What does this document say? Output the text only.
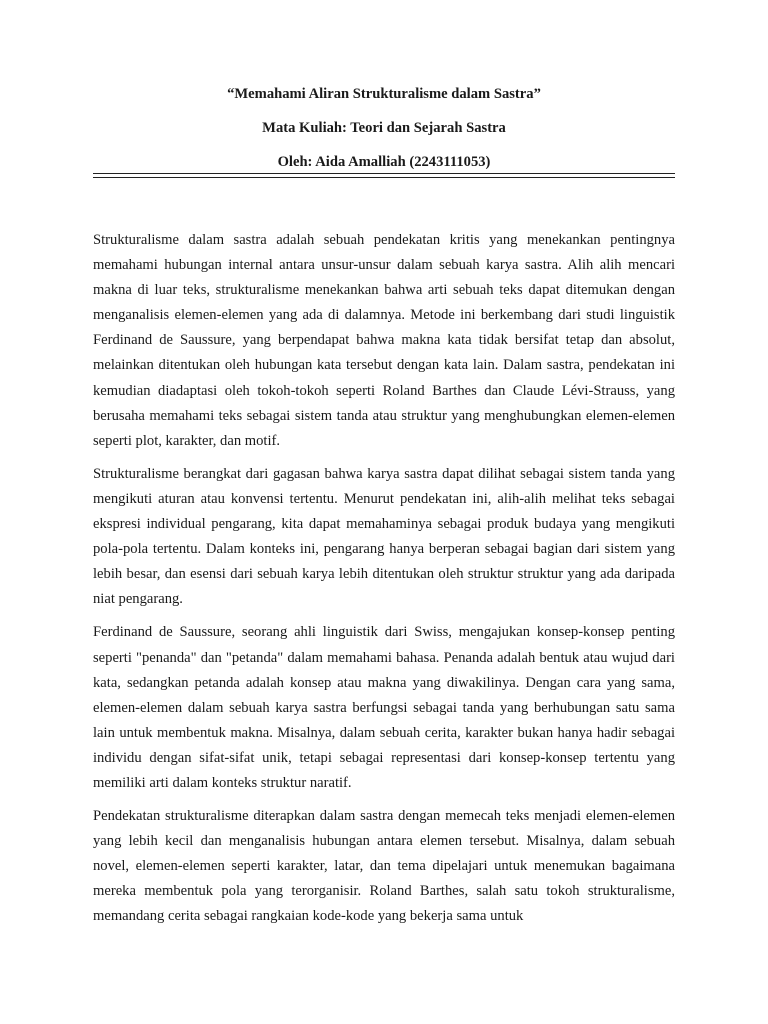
“Memahami Aliran Strukturalisme dalam Sastra”
Mata Kuliah: Teori dan Sejarah Sastra
Oleh: Aida Amalliah (2243111053)

Strukturalisme dalam sastra adalah sebuah pendekatan kritis yang menekankan pentingnya memahami hubungan internal antara unsur-unsur dalam sebuah karya sastra. Alih alih mencari makna di luar teks, strukturalisme menekankan bahwa arti sebuah teks dapat ditemukan dengan menganalisis elemen-elemen yang ada di dalamnya. Metode ini berkembang dari studi linguistik Ferdinand de Saussure, yang berpendapat bahwa makna kata tidak bersifat tetap dan absolut, melainkan ditentukan oleh hubungan kata tersebut dengan kata lain. Dalam sastra, pendekatan ini kemudian diadaptasi oleh tokoh-tokoh seperti Roland Barthes dan Claude Lévi-Strauss, yang berusaha memahami teks sebagai sistem tanda atau struktur yang menghubungkan elemen-elemen seperti plot, karakter, dan motif.

Strukturalisme berangkat dari gagasan bahwa karya sastra dapat dilihat sebagai sistem tanda yang mengikuti aturan atau konvensi tertentu. Menurut pendekatan ini, alih-alih melihat teks sebagai ekspresi individual pengarang, kita dapat memahaminya sebagai produk budaya yang mengikuti pola-pola tertentu. Dalam konteks ini, pengarang hanya berperan sebagai bagian dari sistem yang lebih besar, dan esensi dari sebuah karya lebih ditentukan oleh struktur struktur yang ada daripada niat pengarang.

Ferdinand de Saussure, seorang ahli linguistik dari Swiss, mengajukan konsep-konsep penting seperti "penanda" dan "petanda" dalam memahami bahasa. Penanda adalah bentuk atau wujud dari kata, sedangkan petanda adalah konsep atau makna yang diwakilinya. Dengan cara yang sama, elemen-elemen dalam sebuah karya sastra berfungsi sebagai tanda yang berhubungan satu sama lain untuk membentuk makna. Misalnya, dalam sebuah cerita, karakter bukan hanya hadir sebagai individu dengan sifat-sifat unik, tetapi sebagai representasi dari konsep-konsep tertentu yang memiliki arti dalam konteks struktur naratif.

Pendekatan strukturalisme diterapkan dalam sastra dengan memecah teks menjadi elemen-elemen yang lebih kecil dan menganalisis hubungan antara elemen tersebut. Misalnya, dalam sebuah novel, elemen-elemen seperti karakter, latar, dan tema dipelajari untuk menemukan bagaimana mereka membentuk pola yang terorganisir. Roland Barthes, salah satu tokoh strukturalisme, memandang cerita sebagai rangkaian kode-kode yang bekerja sama untuk
